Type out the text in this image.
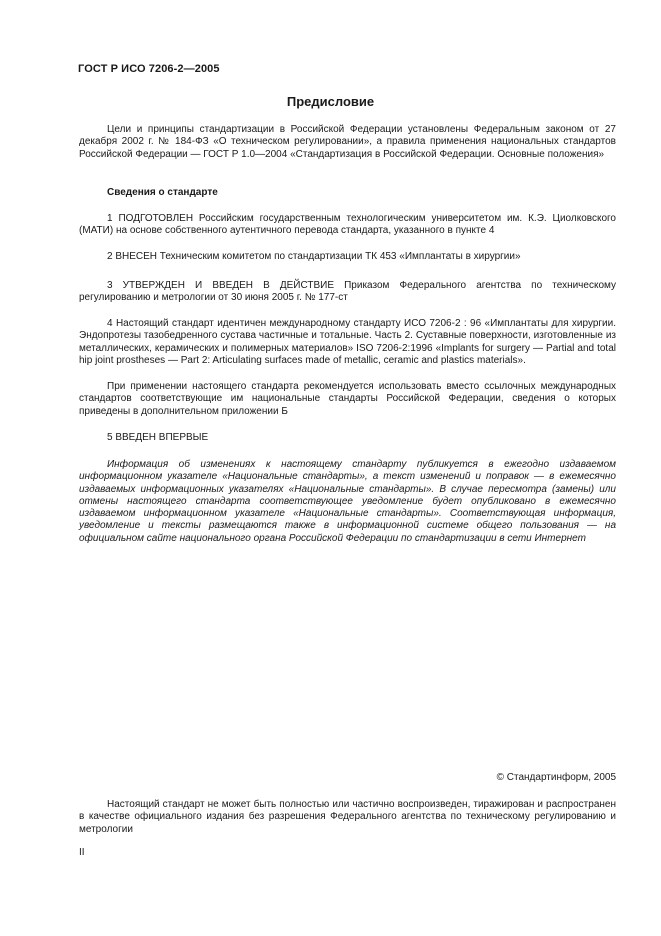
ГОСТ Р ИСО 7206-2—2005
Предисловие

Цели и принципы стандартизации в Российской Федерации установлены Федеральным законом от 27 декабря 2002 г. № 184-ФЗ «О техническом регулировании», а правила применения национальных стандартов Российской Федерации — ГОСТ Р 1.0—2004 «Стандартизация в Российской Федерации. Основные положения»

Сведения о стандарте

1 ПОДГОТОВЛЕН Российским государственным технологическим университетом им. К.Э. Циолковского (МАТИ) на основе собственного аутентичного перевода стандарта, указанного в пункте 4

2 ВНЕСЕН Техническим комитетом по стандартизации ТК 453 «Имплантаты в хирургии»

3 УТВЕРЖДЕН И ВВЕДЕН В ДЕЙСТВИЕ Приказом Федерального агентства по техническому регулированию и метрологии от 30 июня 2005 г. № 177-ст

4 Настоящий стандарт идентичен международному стандарту ИСО 7206-2 : 96 «Имплантаты для хирургии. Эндопротезы тазобедренного сустава частичные и тотальные. Часть 2. Суставные поверхности, изготовленные из металлических, керамических и полимерных материалов» ISO 7206-2:1996 «Implants for surgery — Partial and total hip joint prostheses — Part 2: Articulating surfaces made of metallic, ceramic and plastics materials».

При применении настоящего стандарта рекомендуется использовать вместо ссылочных международных стандартов соответствующие им национальные стандарты Российской Федерации, сведения о которых приведены в дополнительном приложении Б

5 ВВЕДЕН ВПЕРВЫЕ

Информация об изменениях к настоящему стандарту публикуется в ежегодно издаваемом информационном указателе «Национальные стандарты», а текст изменений и поправок — в ежемесячно издаваемых информационных указателях «Национальные стандарты». В случае пересмотра (замены) или отмены настоящего стандарта соответствующее уведомление будет опубликовано в ежемесячно издаваемом информационном указателе «Национальные стандарты». Соответствующая информация, уведомление и тексты размещаются также в информационной системе общего пользования — на официальном сайте национального органа Российской Федерации по стандартизации в сети Интернет

© Стандартинформ, 2005

Настоящий стандарт не может быть полностью или частично воспроизведен, тиражирован и распространен в качестве официального издания без разрешения Федерального агентства по техническому регулированию и метрологии

II
